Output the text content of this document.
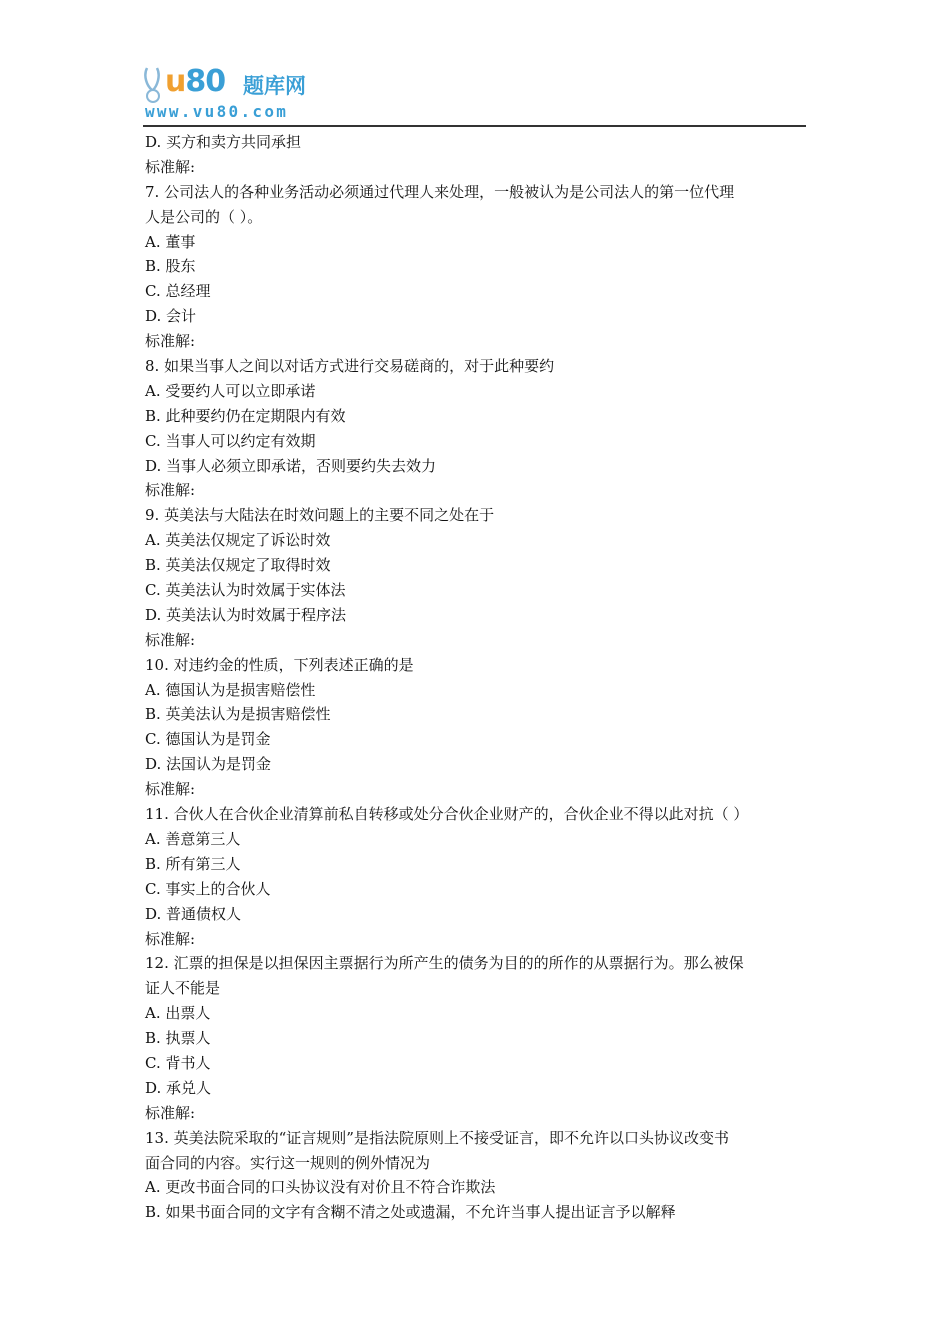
u80 题库网
www.vu80.com
D. 买方和卖方共同承担
标准解:
7. 公司法人的各种业务活动必须通过代理人来处理，一般被认为是公司法人的第一位代理
人是公司的（ ）。
A. 董事
B. 股东
C. 总经理
D. 会计
标准解:
8. 如果当事人之间以对话方式进行交易磋商的，对于此种要约
A. 受要约人可以立即承诺
B. 此种要约仍在定期限内有效
C. 当事人可以约定有效期
D. 当事人必须立即承诺，否则要约失去效力
标准解:
9. 英美法与大陆法在时效问题上的主要不同之处在于
A. 英美法仅规定了诉讼时效
B. 英美法仅规定了取得时效
C. 英美法认为时效属于实体法
D. 英美法认为时效属于程序法
标准解:
10. 对违约金的性质，下列表述正确的是
A. 德国认为是损害赔偿性
B. 英美法认为是损害赔偿性
C. 德国认为是罚金
D. 法国认为是罚金
标准解:
11. 合伙人在合伙企业清算前私自转移或处分合伙企业财产的，合伙企业不得以此对抗（ ）
A. 善意第三人
B. 所有第三人
C. 事实上的合伙人
D. 普通债权人
标准解:
12. 汇票的担保是以担保因主票据行为所产生的债务为目的的所作的从票据行为。那么被保
证人不能是
A. 出票人
B. 执票人
C. 背书人
D. 承兑人
标准解:
13. 英美法院采取的“证言规则”是指法院原则上不接受证言，即不允许以口头协议改变书
面合同的内容。实行这一规则的例外情况为
A. 更改书面合同的口头协议没有对价且不符合诈欺法
B. 如果书面合同的文字有含糊不清之处或遗漏，不允许当事人提出证言予以解释
